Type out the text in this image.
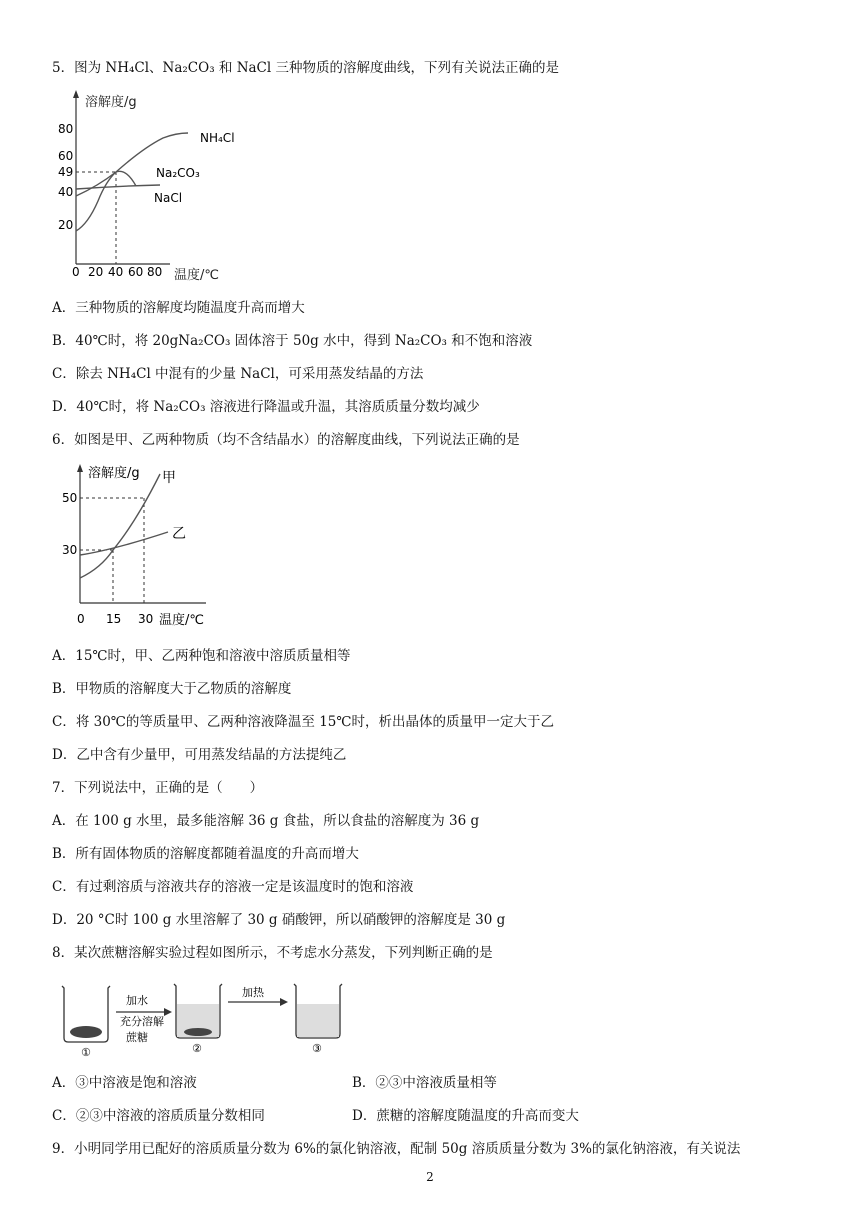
5．图为 NH₄Cl、Na₂CO₃ 和 NaCl 三种物质的溶解度曲线，下列有关说法正确的是
溶解度/g
温度/℃
80
60
49
40
20
0 20 40 60 80
NH₄Cl
Na₂CO₃
NaCl
A．三种物质的溶解度均随温度升高而增大
B．40℃时，将 20gNa₂CO₃ 固体溶于 50g 水中，得到 Na₂CO₃ 和不饱和溶液
C．除去 NH₄Cl 中混有的少量 NaCl，可采用蒸发结晶的方法
D．40℃时，将 Na₂CO₃ 溶液进行降温或升温，其溶质质量分数均减少
6．如图是甲、乙两种物质（均不含结晶水）的溶解度曲线，下列说法正确的是
溶解度/g
温度/℃
50
30
0 15 30
甲
乙
A．15℃时，甲、乙两种饱和溶液中溶质质量相等
B．甲物质的溶解度大于乙物质的溶解度
C．将 30℃的等质量甲、乙两种溶液降温至 15℃时，析出晶体的质量甲一定大于乙
D．乙中含有少量甲，可用蒸发结晶的方法提纯乙
7．下列说法中，正确的是（　　）
A．在 100 g 水里，最多能溶解 36 g 食盐，所以食盐的溶解度为 36 g
B．所有固体物质的溶解度都随着温度的升高而增大
C．有过剩溶质与溶液共存的溶液一定是该温度时的饱和溶液
D．20 °C时 100 g 水里溶解了 30 g 硝酸钾，所以硝酸钾的溶解度是 30 g
8．某次蔗糖溶解实验过程如图所示，不考虑水分蒸发，下列判断正确的是
①
加水
充分溶解
蔗糖
②
加热
③
A．③中溶液是饱和溶液	B．②③中溶液质量相等
C．②③中溶液的溶质质量分数相同	D．蔗糖的溶解度随温度的升高而变大
9．小明同学用已配好的溶质质量分数为 6%的氯化钠溶液，配制 50g 溶质质量分数为 3%的氯化钠溶液，有关说法
2
